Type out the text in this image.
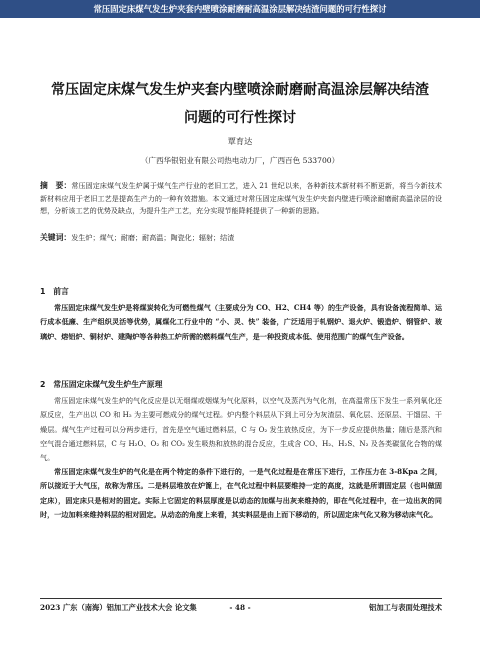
常压固定床煤气发生炉夹套内壁喷涂耐磨耐高温涂层解决结渣问题的可行性探讨
常压固定床煤气发生炉夹套内壁喷涂耐磨耐高温涂层解决结渣
问题的可行性探讨
覃育达
（广西华银铝业有限公司热电动力厂，广西百色 533700）
摘　要：常压固定床煤气发生炉属于煤气生产行业的老旧工艺，进入 21 世纪以来，各种新技术新材料不断更新，将当今新技术新材料应用于老旧工艺是提高生产力的一种有效措施。本文通过对常压固定床煤气发生炉夹套内壁进行喷涂耐磨耐高温涂层的设想，分析该工艺的优势及缺点，为提升生产工艺，充分实现节能降耗提供了一种新的思路。
关键词：发生炉；煤气；耐磨；耐高温；陶瓷化；辐射；结渣
1　前言
常压固定床煤气发生炉是将煤炭转化为可燃性煤气（主要成分为 CO、H2、CH4 等）的生产设备，具有设备流程简单、运行成本低廉、生产组织灵活等优势，属煤化工行业中的 “小、灵、快” 装备，广泛适用于轧钢炉、退火炉、锻造炉、钢管炉、玻璃炉、熔铝炉、铜材炉、建陶炉等各种热工炉所需的燃料煤气生产，是一种投资成本低、使用范围广的煤气生产设备。
2　常压固定床煤气发生炉生产原理
常压固定床煤气发生炉的气化反应是以无烟煤或烟煤为气化原料，以空气及蒸汽为气化剂，在高温常压下发生一系列氧化还原反应，生产出以 CO 和 H₂ 为主要可燃成分的煤气过程。炉内整个料层从下到上可分为灰渣层、氧化层、还原层、干馏层、干燥层。煤气生产过程可以分两步进行，首先是空气通过燃料层，C 与 O₂ 发生放热反应，为下一步反应提供热量；随后是蒸汽和空气混合通过燃料层，C 与 H₂O、O₂ 和 CO₂ 发生吸热和放热的混合反应，生成含 CO、H₂、H₂S、N₂ 及各类碳氢化合物的煤气。
常压固定床煤气发生炉的气化是在两个特定的条件下进行的，一是气化过程是在常压下进行，工作压力在 3-8Kpa 之间，所以接近于大气压，故称为常压。二是料层堆放在炉篦上，在气化过程中料层要维持一定的高度，这就是所谓固定层（也叫做固定床），固定床只是相对的固定。实际上它固定的料层厚度是以动态的加煤与出灰来维持的，即在气化过程中，在一边出灰的同时，一边加料来维持料层的相对固定。从动态的角度上来看，其实料层是由上而下移动的，所以固定床气化又称为移动床气化。
2023 广东（南海）铝加工产业技术大会 论文集	- 48 -	铝加工与表面处理技术
